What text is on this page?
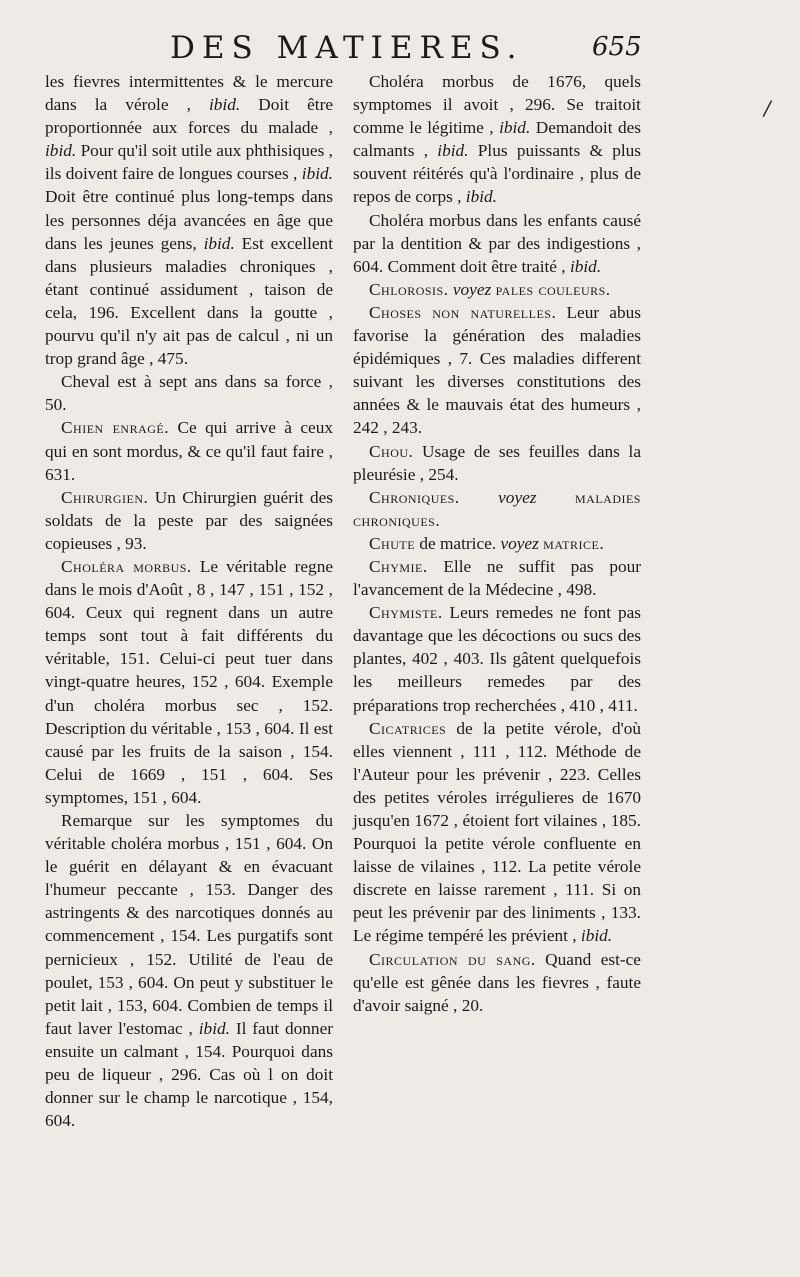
DES MATIERES.	655

les fievres intermittentes & le mercure dans la vérole , ibid. Doit être proportionnée aux forces du malade , ibid. Pour qu'il soit utile aux phthisiques , ils doivent faire de longues courses , ibid. Doit être continué plus long-temps dans les personnes déja avancées en âge que dans les jeunes gens, ibid. Est excellent dans plusieurs maladies chroniques , étant continué assidument , taison de cela, 196. Excellent dans la goutte , pourvu qu'il n'y ait pas de calcul , ni un trop grand âge , 475.

Cheval est à sept ans dans sa force , 50.

Chien enragé. Ce qui arrive à ceux qui en sont mordus, & ce qu'il faut faire , 631.

Chirurgien. Un Chirurgien guérit des soldats de la peste par des saignées copieuses , 93.

Choléra morbus. Le véritable regne dans le mois d'Août , 8 , 147 , 151 , 152 , 604. Ceux qui regnent dans un autre temps sont tout à fait différents du véritable, 151. Celui-ci peut tuer dans vingt-quatre heures, 152 , 604. Exemple d'un choléra morbus sec , 152. Description du véritable , 153 , 604. Il est causé par les fruits de la saison , 154. Celui de 1669 , 151 , 604. Ses symptomes, 151 , 604.

Remarque sur les symptomes du véritable choléra morbus , 151 , 604. On le guérit en délayant & en évacuant l'humeur peccante , 153. Danger des astringents & des narcotiques donnés au commencement , 154. Les purgatifs sont pernicieux , 152. Utilité de l'eau de poulet, 153 , 604. On peut y substituer le petit lait , 153, 604. Combien de temps il faut laver l'estomac , ibid. Il faut donner ensuite un calmant , 154. Pourquoi dans peu de liqueur , 296. Cas où l on doit donner sur le champ le narcotique , 154, 604.

Choléra morbus de 1676, quels symptomes il avoit , 296. Se traitoit comme le légitime , ibid. Demandoit des calmants , ibid. Plus puissants & plus souvent réitérés qu'à l'ordinaire , plus de repos de corps , ibid.

Choléra morbus dans les enfants causé par la dentition & par des indigestions , 604. Comment doit être traité , ibid.

Chlorosis. voyez pales couleurs.

Choses non naturelles. Leur abus favorise la génération des maladies épidémiques , 7. Ces maladies different suivant les diverses constitutions des années & le mauvais état des humeurs , 242 , 243.

Chou. Usage de ses feuilles dans la pleurésie , 254.

Chroniques. voyez maladies chroniques.

Chute de matrice. voyez matrice.

Chymie. Elle ne suffit pas pour l'avancement de la Médecine , 498.

Chymiste. Leurs remedes ne font pas davantage que les décoctions ou sucs des plantes, 402 , 403. Ils gâtent quelquefois les meilleurs remedes par des préparations trop recherchées , 410 , 411.

Cicatrices de la petite vérole, d'où elles viennent , 111 , 112. Méthode de l'Auteur pour les prévenir , 223. Celles des petites véroles irrégulieres de 1670 jusqu'en 1672 , étoient fort vilaines , 185. Pourquoi la petite vérole confluente en laisse de vilaines , 112. La petite vérole discrete en laisse rarement , 111. Si on peut les prévenir par des liniments , 133. Le régime tempéré les prévient , ibid.

Circulation du sang. Quand est-ce qu'elle est gênée dans les fievres , faute d'avoir saigné , 20.

/
